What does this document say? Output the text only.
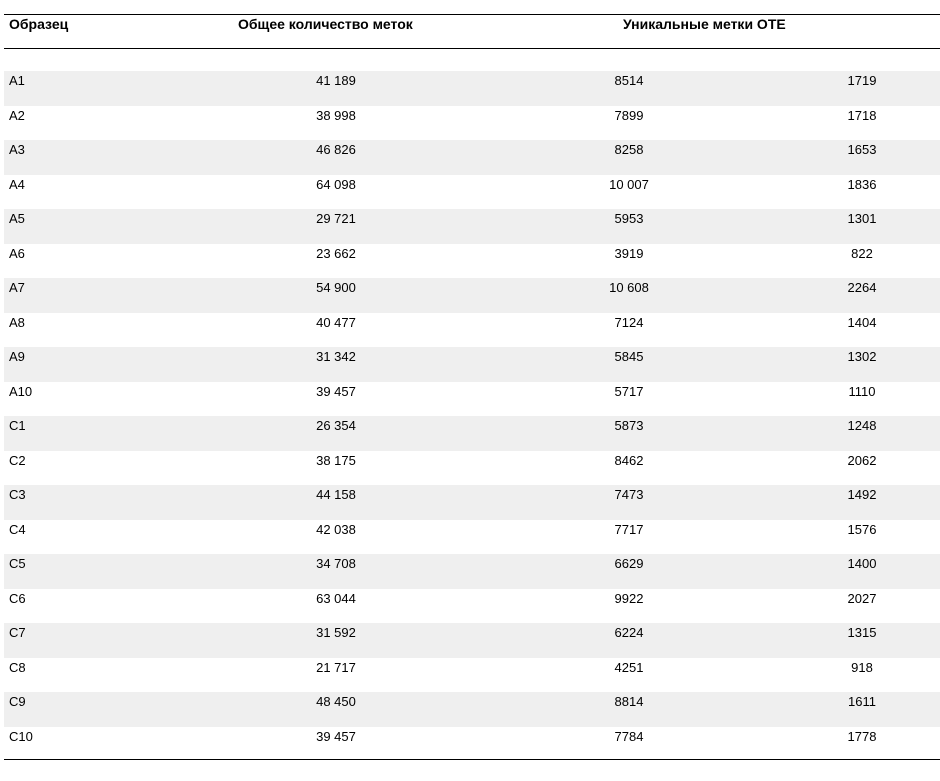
Образец	Общее количество меток	Уникальные метки ОТЕ
A1	41 189	8514	1719
A2	38 998	7899	1718
A3	46 826	8258	1653
A4	64 098	10 007	1836
A5	29 721	5953	1301
A6	23 662	3919	822
A7	54 900	10 608	2264
A8	40 477	7124	1404
A9	31 342	5845	1302
A10	39 457	5717	1110
C1	26 354	5873	1248
C2	38 175	8462	2062
C3	44 158	7473	1492
C4	42 038	7717	1576
C5	34 708	6629	1400
C6	63 044	9922	2027
C7	31 592	6224	1315
C8	21 717	4251	918
C9	48 450	8814	1611
C10	39 457	7784	1778
